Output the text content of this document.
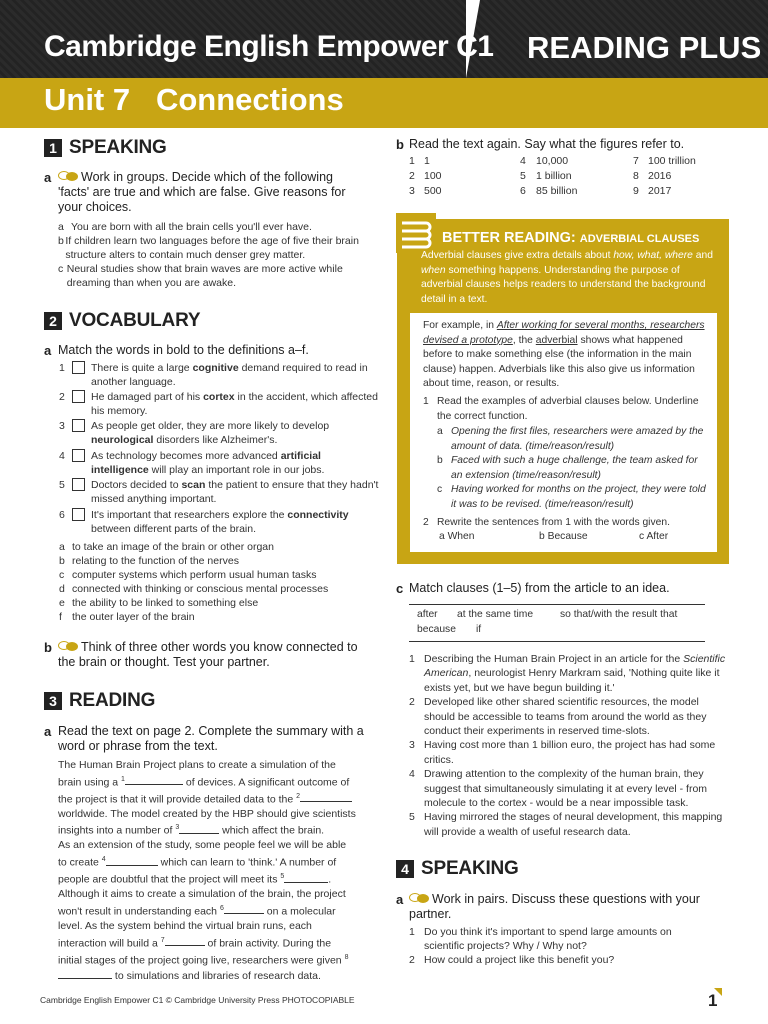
Cambridge English Empower C1 READING PLUS
Unit 7 Connections
1 SPEAKING
a	Work in groups. Decide which of the following 'facts' are true and which are false. Give reasons for your choices.
a You are born with all the brain cells you'll ever have.
b If children learn two languages before the age of five their brain structure alters to contain much denser grey matter.
c Neural studies show that brain waves are more active while dreaming than when you are awake.
2 VOCABULARY
a Match the words in bold to the definitions a–f.
1 There is quite a large cognitive demand required to read in another language.
2 He damaged part of his cortex in the accident, which affected his memory.
3 As people get older, they are more likely to develop neurological disorders like Alzheimer's.
4 As technology becomes more advanced artificial intelligence will play an important role in our jobs.
5 Doctors decided to scan the patient to ensure that they hadn't missed anything important.
6 It's important that researchers explore the connectivity between different parts of the brain.
a to take an image of the brain or other organ
b relating to the function of the nerves
c computer systems which perform usual human tasks
d connected with thinking or conscious mental processes
e the ability to be linked to something else
f the outer layer of the brain
b	Think of three other words you know connected to the brain or thought. Test your partner.
3 READING
a Read the text on page 2. Complete the summary with a word or phrase from the text.
The Human Brain Project plans to create a simulation of the
brain using a $^1$	of devices. A significant outcome of
the project is that it will provide detailed data to the $^2$
worldwide. The model created by the HBP should give scientists
insights into a number of $^3$	which affect the brain.
As an extension of the study, some people feel we will be able
to create $^4$	which can learn to 'think.' A number of
people are doubtful that the project will meet its $^5$	.
Although it aims to create a simulation of the brain, the project
won't result in understanding each $^6$	on a molecular
level. As the system behind the virtual brain runs, each
interaction will build a $^7$	of brain activity. During the
initial stages of the project going live, researchers were given $^8$
to simulations and libraries of research data.
b Read the text again. Say what the figures refer to.
1 1	4 10,000	7 100 trillion
2 100	5 1 billion	8 2016
3 500	6 85 billion	9 2017
BETTER READING: ADVERBIAL CLAUSES
Adverbial clauses give extra details about how, what, where and when something happens. Understanding the purpose of adverbial clauses helps readers to understand the background detail in a text.
For example, in After working for several months, researchers devised a prototype, the adverbial shows what happened before to make something else (the information in the main clause) happen. Adverbials like this also give us information about time, reason, or results.
1 Read the examples of adverbial clauses below. Underline the correct function.
a Opening the first files, researchers were amazed by the amount of data. (time/reason/result)
b Faced with such a huge challenge, the team asked for an extension (time/reason/result)
c Having worked for months on the project, they were told it was to be revised. (time/reason/result)
2 Rewrite the sentences from 1 with the words given.
a When	b Because	c After
c Match clauses (1–5) from the article to an idea.
after at the same time	so that/with the result that
because if
1 Describing the Human Brain Project in an article for the Scientific American, neurologist Henry Markram said, 'Nothing quite like it exists yet, but we have begun building it.'
2 Developed like other shared scientific resources, the model should be accessible to teams from around the world as they conduct their experiments in reserved time-slots.
3 Having cost more than 1 billion euro, the project has had some critics.
4 Drawing attention to the complexity of the human brain, they suggest that simultaneously simulating it at every level - from molecule to the cortex - would be a near impossible task.
5 Having mirrored the stages of neural development, this mapping will provide a wealth of useful research data.
4 SPEAKING
a	Work in pairs. Discuss these questions with your partner.
1 Do you think it's important to spend large amounts on scientific projects? Why / Why not?
2 How could a project like this benefit you?
Cambridge English Empower C1 © Cambridge University Press PHOTOCOPIABLE	1
